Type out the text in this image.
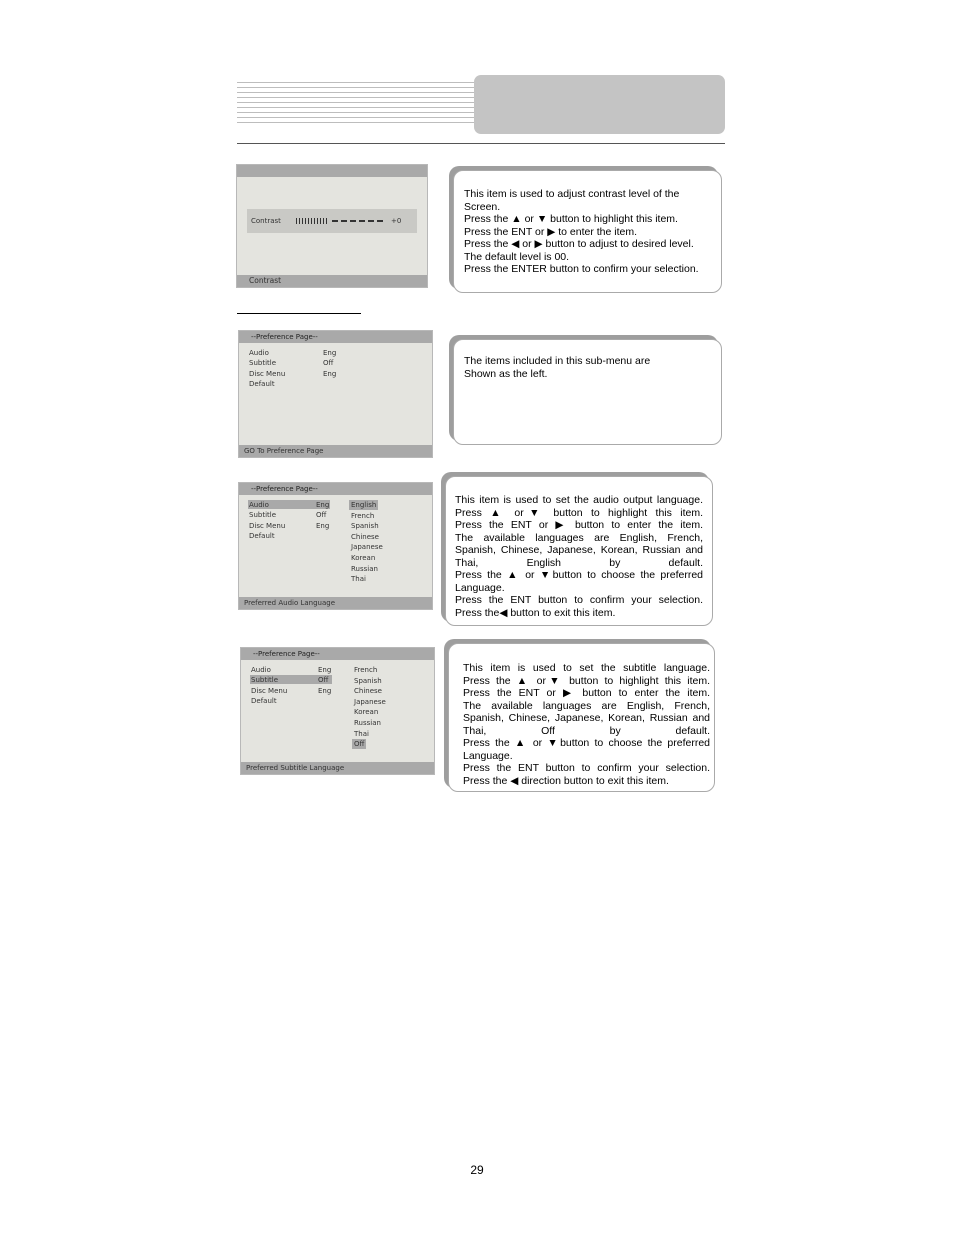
Contrast	+0
Contrast

This item is used to adjust contrast level of the

Screen.

Press the ▲ or ▼ button to highlight this item.

Press the ENT or ▶ to enter the item.

Press the ◀ or ▶ button to adjust to desired level.

The default level is 00.

Press the ENTER button to confirm your selection.

--Preference Page--
GO To Preference Page
Audio	Eng
Subtitle	Off
Disc Menu	Eng
Default

The items included in this sub-menu are

Shown as the left.

--Preference Page--
Preferred Audio Language
Audio	Eng
Subtitle	Off
Disc Menu	Eng
Default
English
French
Spanish
Chinese
Japanese
Korean
Russian
Thai

This item is used to set the audio output language.

Press ▲ or▼ button to highlight this item.

Press the ENT or ▶ button to enter the item.

The available languages are English, French,

Spanish, Chinese, Japanese, Korean, Russian and

Thai, English by default.

Press the ▲ or ▼button to choose the preferred

Language.

Press the ENT button to confirm your selection.

Press the◀ button to exit this item.

--Preference Page--
Preferred Subtitle Language
Audio	Eng
Subtitle	Off
Disc Menu	Eng
Default
French
Spanish
Chinese
Japanese
Korean
Russian
Thai
Off

This item is used to set the subtitle language.

Press the ▲ or▼ button to highlight this item.

Press the ENT or ▶ button to enter the item.

The available languages are English, French,

Spanish, Chinese, Japanese, Korean, Russian and

Thai, Off by default.

Press the ▲ or ▼button to choose the preferred

Language.

Press the ENT button to confirm your selection.

Press the ◀ direction button to exit this item.

29
